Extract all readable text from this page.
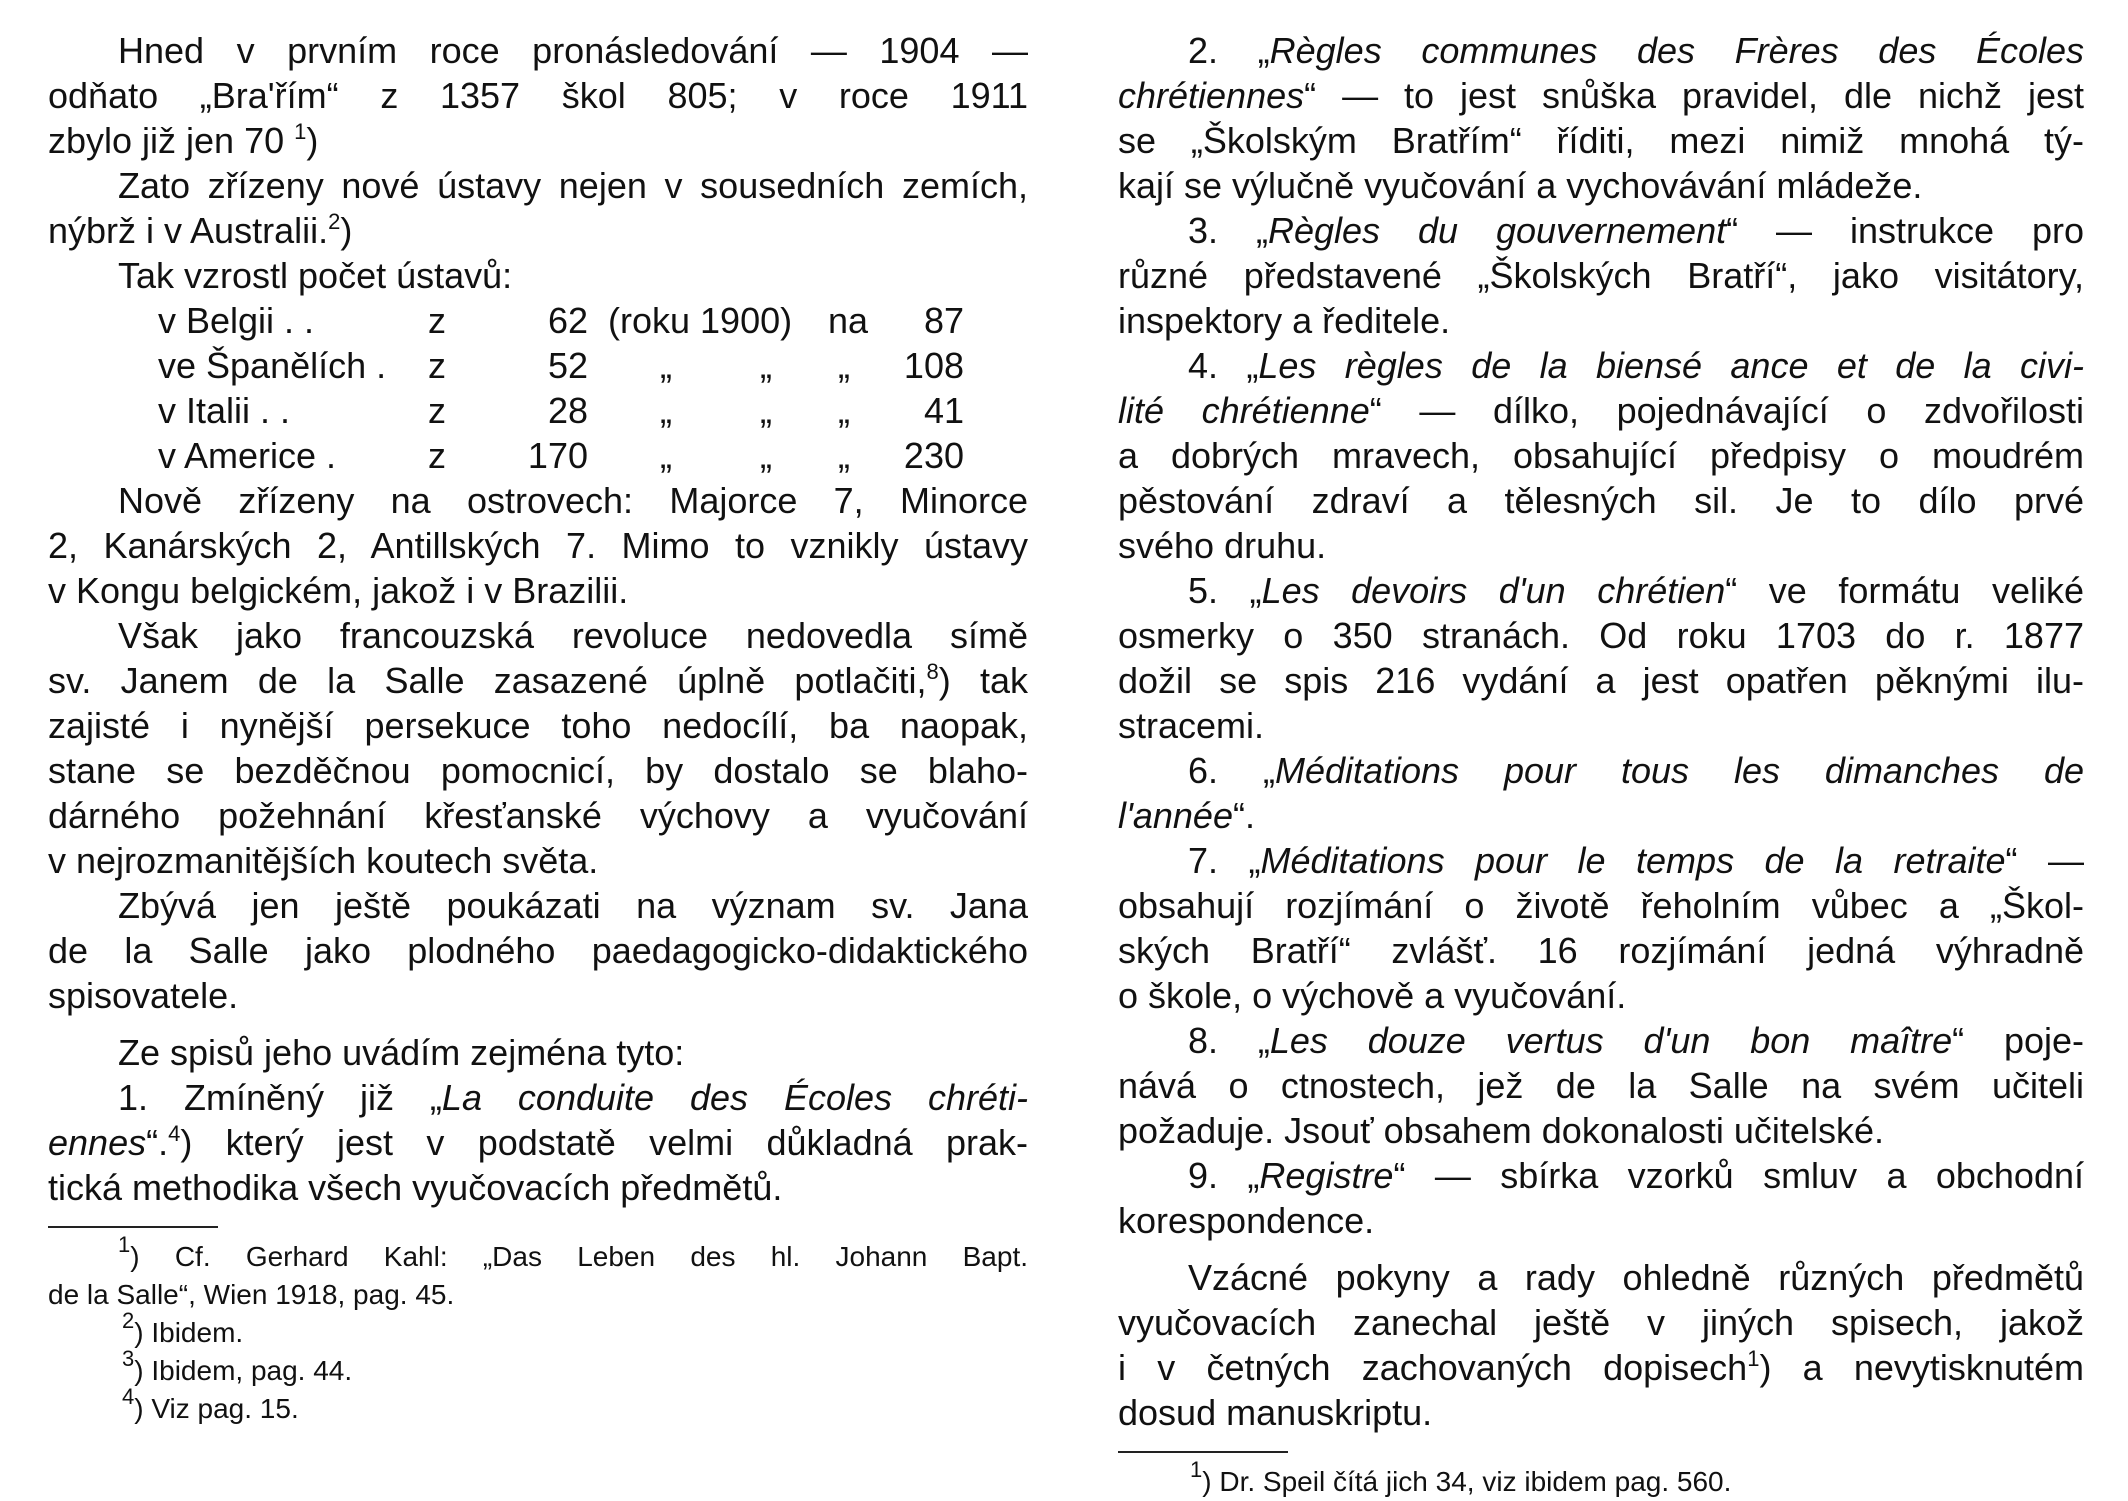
Hned v prvním roce pronásledování — 1904 —
odňato „Bra'řím“ z 1357 škol 805; v roce 1911
zbylo již jen 70 $^1$)
Zato zřízeny nové ústavy nejen v sousedních zemích,
nýbrž i v Australii.$^2$)
Tak vzrostl počet ústavů:
v Belgii . .	z	62 (roku 1900) na	87
ve Španělích . z	52 „ „ „	108
v Italii . .	z	28 „ „ „	41
v Americe .	z	170 „ „ „	230
Nově zřízeny na ostrovech: Majorce 7, Minorce
2, Kanárských 2, Antillských 7. Mimo to vznikly ústavy
v Kongu belgickém, jakož i v Brazilii.
Však jako francouzská revoluce nedovedla símě
sv. Janem de la Salle zasazené úplně potlačiti,$^8$) tak
zajisté i nynější persekuce toho nedocílí, ba naopak,
stane se bezděčnou pomocnicí, by dostalo se blaho-
dárného požehnání křesťanské výchovy a vyučování
v nejrozmanitějších koutech světa.
Zbývá jen ještě poukázati na význam sv. Jana
de la Salle jako plodného paedagogicko-didaktického
spisovatele.
Ze spisů jeho uvádím zejména tyto:
1. Zmíněný již „La conduite des Écoles chréti-
ennes“.$^4$) který jest v podstatě velmi důkladná prak-
tická methodika všech vyučovacích předmětů.
$^1$) Cf. Gerhard Kahl: „Das Leben des hl. Johann Bapt.
de la Salle“, Wien 1918, pag. 45.
$^2$) Ibidem.
$^3$) Ibidem, pag. 44.
$^4$) Viz pag. 15.
2. „Règles communes des Frères des Écoles
chrétiennes“ — to jest snůška pravidel, dle nichž jest
se „Školským Bratřím“ říditi, mezi nimiž mnohá tý-
kají se výlučně vyučování a vychovávání mládeže.
3. „Règles du gouvernement“ — instrukce pro
různé představené „Školských Bratří“, jako visitátory,
inspektory a ředitele.
4. „Les règles de la biensé ance et de la civi-
lité chrétienne“ — dílko, pojednávající o zdvořilosti
a dobrých mravech, obsahující předpisy o moudrém
pěstování zdraví a tělesných sil. Je to dílo prvé
svého druhu.
5. „Les devoirs d'un chrétien“ ve formátu veliké
osmerky o 350 stranách. Od roku 1703 do r. 1877
dožil se spis 216 vydání a jest opatřen pěknými ilu-
stracemi.
6. „Méditations pour tous les dimanches de
l'année“.
7. „Méditations pour le temps de la retraite“ —
obsahují rozjímání o životě řeholním vůbec a „Škol-
ských Bratří“ zvlášť. 16 rozjímání jedná výhradně
o škole, o výchově a vyučování.
8. „Les douze vertus d'un bon maître“ poje-
nává o ctnostech, jež de la Salle na svém učiteli
požaduje. Jsouť obsahem dokonalosti učitelské.
9. „Registre“ — sbírka vzorků smluv a obchodní
korespondence.
Vzácné pokyny a rady ohledně různých předmětů
vyučovacích zanechal ještě v jiných spisech, jakož
i v četných zachovaných dopisech$^1$) a nevytisknutém
dosud manuskriptu.
$^1$) Dr. Speil čítá jich 34, viz ibidem pag. 560.
